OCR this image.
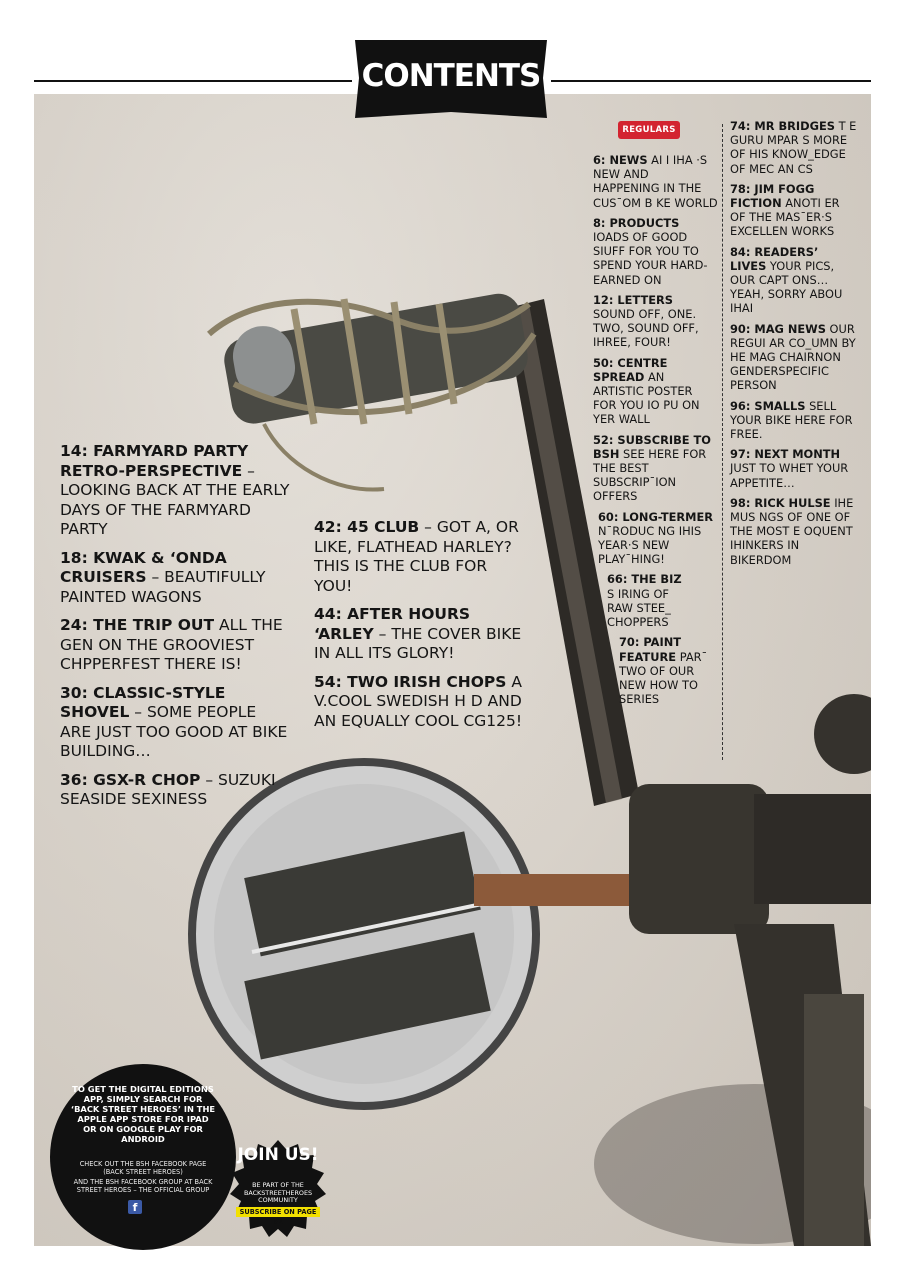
CONTENTS
14: FARMYARD PARTY RETRO-PERSPECTIVE – LOOKING BACK AT THE EARLY DAYS OF THE FARMYARD PARTY
18: KWAK & ‘ONDA CRUISERS – BEAUTIFULLY PAINTED WAGONS
24: THE TRIP OUT ALL THE GEN ON THE GROOVIEST CHPPERFEST THERE IS!
30: CLASSIC-STYLE SHOVEL – SOME PEOPLE ARE JUST TOO GOOD AT BIKE BUILDING…
36: GSX-R CHOP – SUZUKI SEASIDE SEXINESS
42: 45 CLUB – GOT A, OR LIKE, FLATHEAD HARLEY? THIS IS THE CLUB FOR YOU!
44: AFTER HOURS ‘ARLEY – THE COVER BIKE IN ALL ITS GLORY!
54: TWO IRISH CHOPS A V.COOL SWEDISH H D AND AN EQUALLY COOL CG125!
REGULARS
6: NEWS AI I IHA ·S NEW AND HAPPENING IN THE CUS¯OM B KE WORLD
8: PRODUCTS IOADS OF GOOD SIUFF FOR YOU TO SPEND YOUR HARD-EARNED ON
12: LETTERS SOUND OFF, ONE. TWO, SOUND OFF, IHREE, FOUR!
50: CENTRE SPREAD AN ARTISTIC POSTER FOR YOU IO PU ON YER WALL
52: SUBSCRIBE TO BSH SEE HERE FOR THE BEST SUBSCRIP¯ION OFFERS
60: LONG-TERMER N¯RODUC NG IHIS YEAR·S NEW PLAY¯HING!
66: THE BIZ S IRING OF RAW STEE_ CHOPPERS
70: PAINT FEATURE PAR¯ TWO OF OUR NEW HOW TO SERIES
74: MR BRIDGES T E GURU MPAR S MORE OF HIS KNOW_EDGE OF MEC AN CS
78: JIM FOGG FICTION ANOTI ER OF THE MAS¯ER·S EXCELLEN WORKS
84: READERS’ LIVES YOUR PICS, OUR CAPT ONS… YEAH, SORRY ABOU IHAI
90: MAG NEWS OUR REGUI AR CO_UMN BY HE MAG CHAIRNON GENDERSPECIFIC PERSON
96: SMALLS SELL YOUR BIKE HERE FOR FREE.
97: NEXT MONTH JUST TO WHET YOUR APPETITE…
98: RICK HULSE IHE MUS NGS OF ONE OF THE MOST E OQUENT IHINKERS IN BIKERDOM
TO GET THE DIGITAL EDITIONS APP, SIMPLY SEARCH FOR ‘BACK STREET HEROES’ IN THE APPLE APP STORE FOR IPAD OR ON GOOGLE PLAY FOR ANDROID
CHECK OUT THE BSH FACEBOOK PAGE (BACK STREET HEROES)
AND THE BSH FACEBOOK GROUP AT BACK STREET HEROES – THE OFFICIAL GROUP
f
JOIN US!
BE PART OF THE BACKSTREETHEROES COMMUNITY
SUBSCRIBE ON PAGE 52
